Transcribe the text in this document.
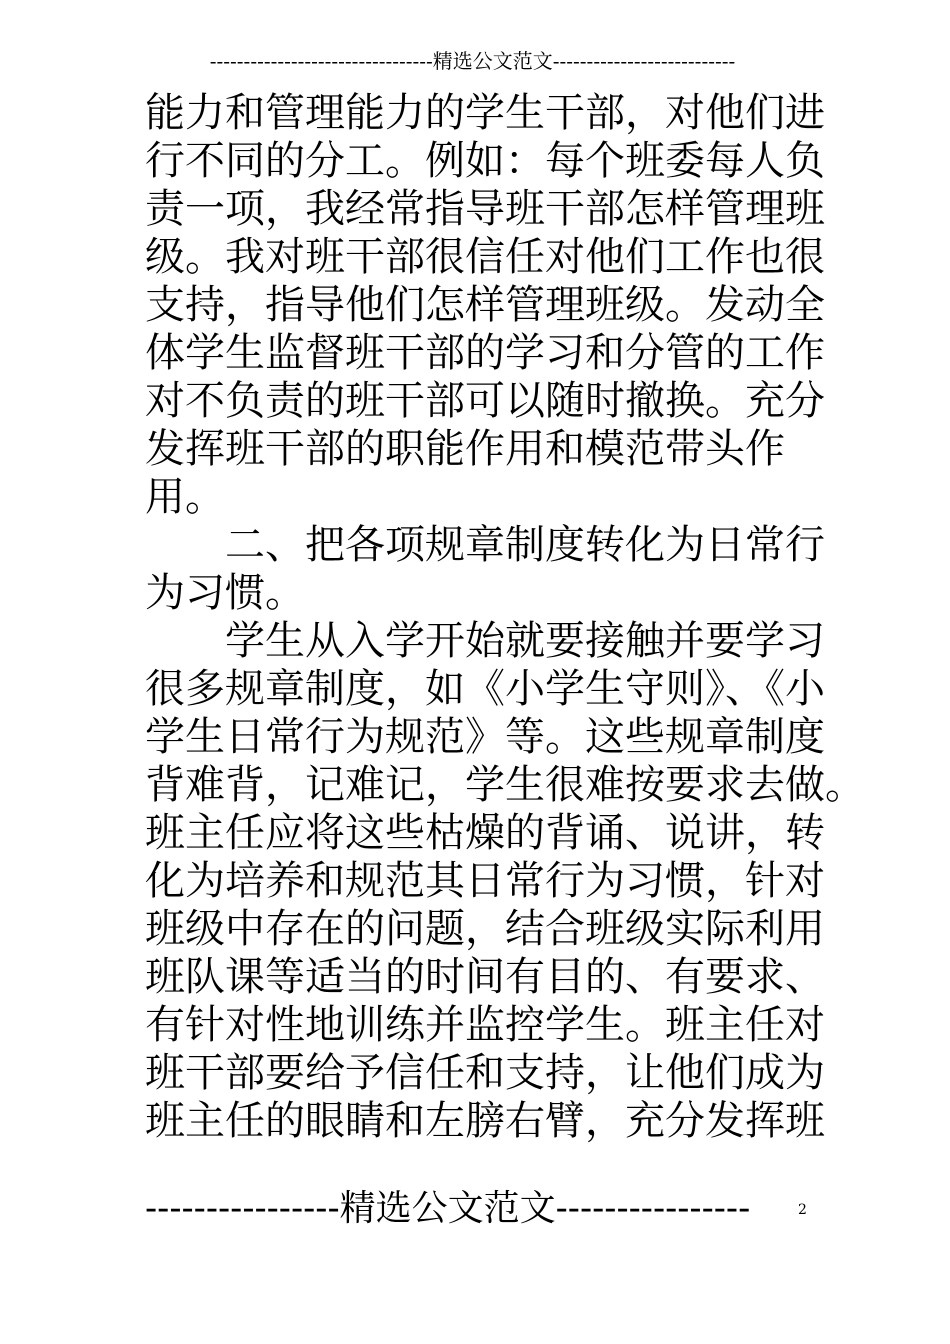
---------------------------------精选公文范文---------------------------
能力和管理能力的学生干部，对他们进
行不同的分工。例如：每个班委每人负
责一项，我经常指导班干部怎样管理班
级。我对班干部很信任对他们工作也很
支持，指导他们怎样管理班级。发动全
体学生监督班干部的学习和分管的工作
对不负责的班干部可以随时撤换。充分
发挥班干部的职能作用和模范带头作
用。
二、把各项规章制度转化为日常行
为习惯。
学生从入学开始就要接触并要学习
很多规章制度，如《小学生守则》、《小
学生日常行为规范》等。这些规章制度
背难背，记难记，学生很难按要求去做。
班主任应将这些枯燥的背诵、说讲，转
化为培养和规范其日常行为习惯，针对
班级中存在的问题，结合班级实际利用
班队课等适当的时间有目的、有要求、
有针对性地训练并监控学生。班主任对
班干部要给予信任和支持，让他们成为
班主任的眼睛和左膀右臂，充分发挥班
----------------精选公文范文----------------	2
